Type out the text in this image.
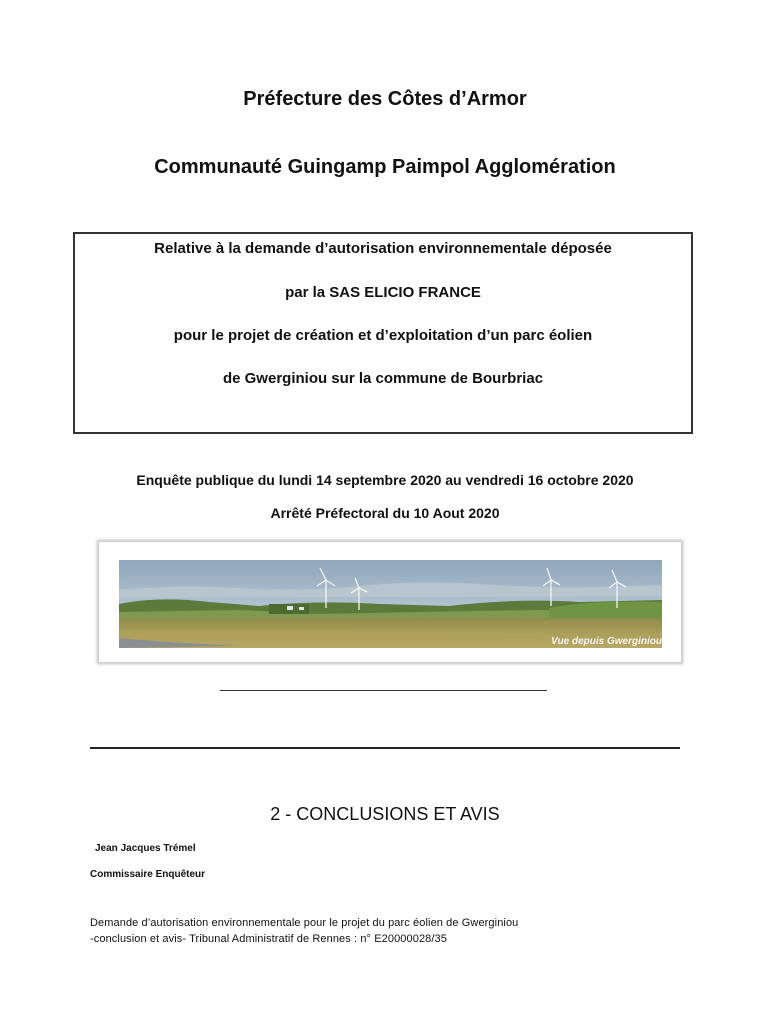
Préfecture des Côtes d’Armor
Communauté Guingamp Paimpol Agglomération
Relative à la demande d’autorisation environnementale déposée
par la SAS ELICIO FRANCE
pour le projet de création et d’exploitation d’un parc éolien
de Gwerginiou sur la commune de Bourbriac
Enquête publique du lundi 14 septembre 2020 au vendredi 16 octobre 2020
Arrêté Préfectoral du 10 Aout 2020
Vue depuis Gwerginiou
2 - CONCLUSIONS ET AVIS
Jean Jacques Trémel
Commissaire Enquêteur
Demande d’autorisation environnementale pour le projet du parc éolien de Gwerginiou
-conclusion et avis- Tribunal Administratif de Rennes : n° E20000028/35
